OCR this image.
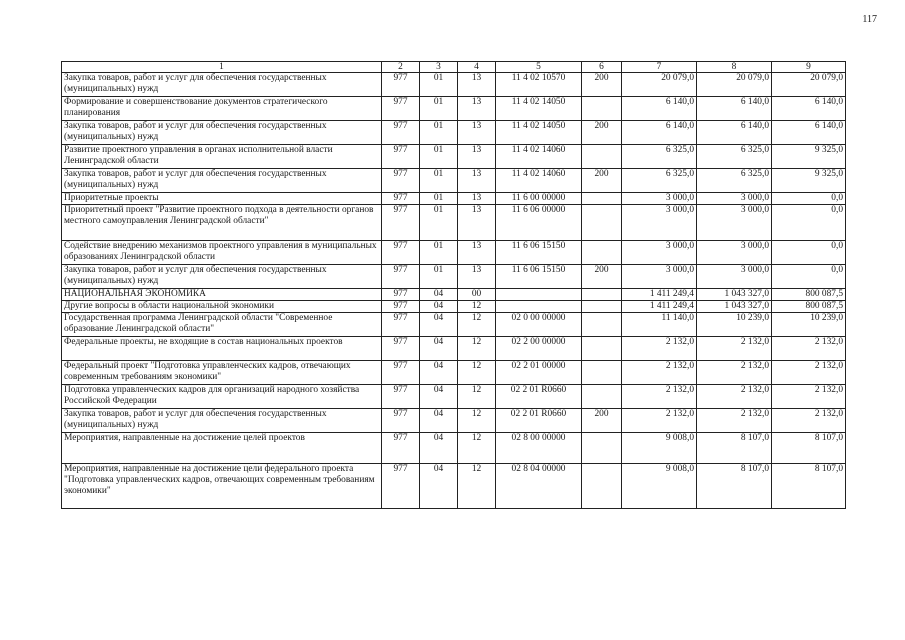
117
1	2	3	4	5	6	7	8	9
Закупка товаров, работ и услуг для обеспечения государственных (муниципальных) нужд	977	01	13	11 4 02 10570	200	20 079,0	20 079,0	20 079,0
Формирование и совершенствование документов стратегического планирования	977	01	13	11 4 02 14050		6 140,0	6 140,0	6 140,0
Закупка товаров, работ и услуг для обеспечения государственных (муниципальных) нужд	977	01	13	11 4 02 14050	200	6 140,0	6 140,0	6 140,0
Развитие проектного управления в органах исполнительной власти Ленинградской области	977	01	13	11 4 02 14060		6 325,0	6 325,0	9 325,0
Закупка товаров, работ и услуг для обеспечения государственных (муниципальных) нужд	977	01	13	11 4 02 14060	200	6 325,0	6 325,0	9 325,0
Приоритетные проекты	977	01	13	11 6 00 00000		3 000,0	3 000,0	0,0
Приоритетный проект "Развитие проектного подхода в деятельности органов местного самоуправления Ленинградской области"	977	01	13	11 6 06 00000		3 000,0	3 000,0	0,0
Содействие внедрению механизмов проектного управления в муниципальных образованиях Ленинградской области	977	01	13	11 6 06 15150		3 000,0	3 000,0	0,0
Закупка товаров, работ и услуг для обеспечения государственных (муниципальных) нужд	977	01	13	11 6 06 15150	200	3 000,0	3 000,0	0,0
НАЦИОНАЛЬНАЯ ЭКОНОМИКА	977	04	00			1 411 249,4	1 043 327,0	800 087,5
Другие вопросы в области национальной экономики	977	04	12			1 411 249,4	1 043 327,0	800 087,5
Государственная программа Ленинградской области "Современное образование Ленинградской области"	977	04	12	02 0 00 00000		11 140,0	10 239,0	10 239,0
Федеральные проекты, не входящие в состав национальных проектов	977	04	12	02 2 00 00000		2 132,0	2 132,0	2 132,0
Федеральный проект "Подготовка управленческих кадров, отвечающих современным требованиям экономики"	977	04	12	02 2 01 00000		2 132,0	2 132,0	2 132,0
Подготовка управленческих кадров для организаций народного хозяйства Российской Федерации	977	04	12	02 2 01 R0660		2 132,0	2 132,0	2 132,0
Закупка товаров, работ и услуг для обеспечения государственных (муниципальных) нужд	977	04	12	02 2 01 R0660	200	2 132,0	2 132,0	2 132,0
Мероприятия, направленные на достижение целей проектов	977	04	12	02 8 00 00000		9 008,0	8 107,0	8 107,0
Мероприятия, направленные на достижение цели федерального проекта "Подготовка управленческих кадров, отвечающих современным требованиям экономики"	977	04	12	02 8 04 00000		9 008,0	8 107,0	8 107,0
